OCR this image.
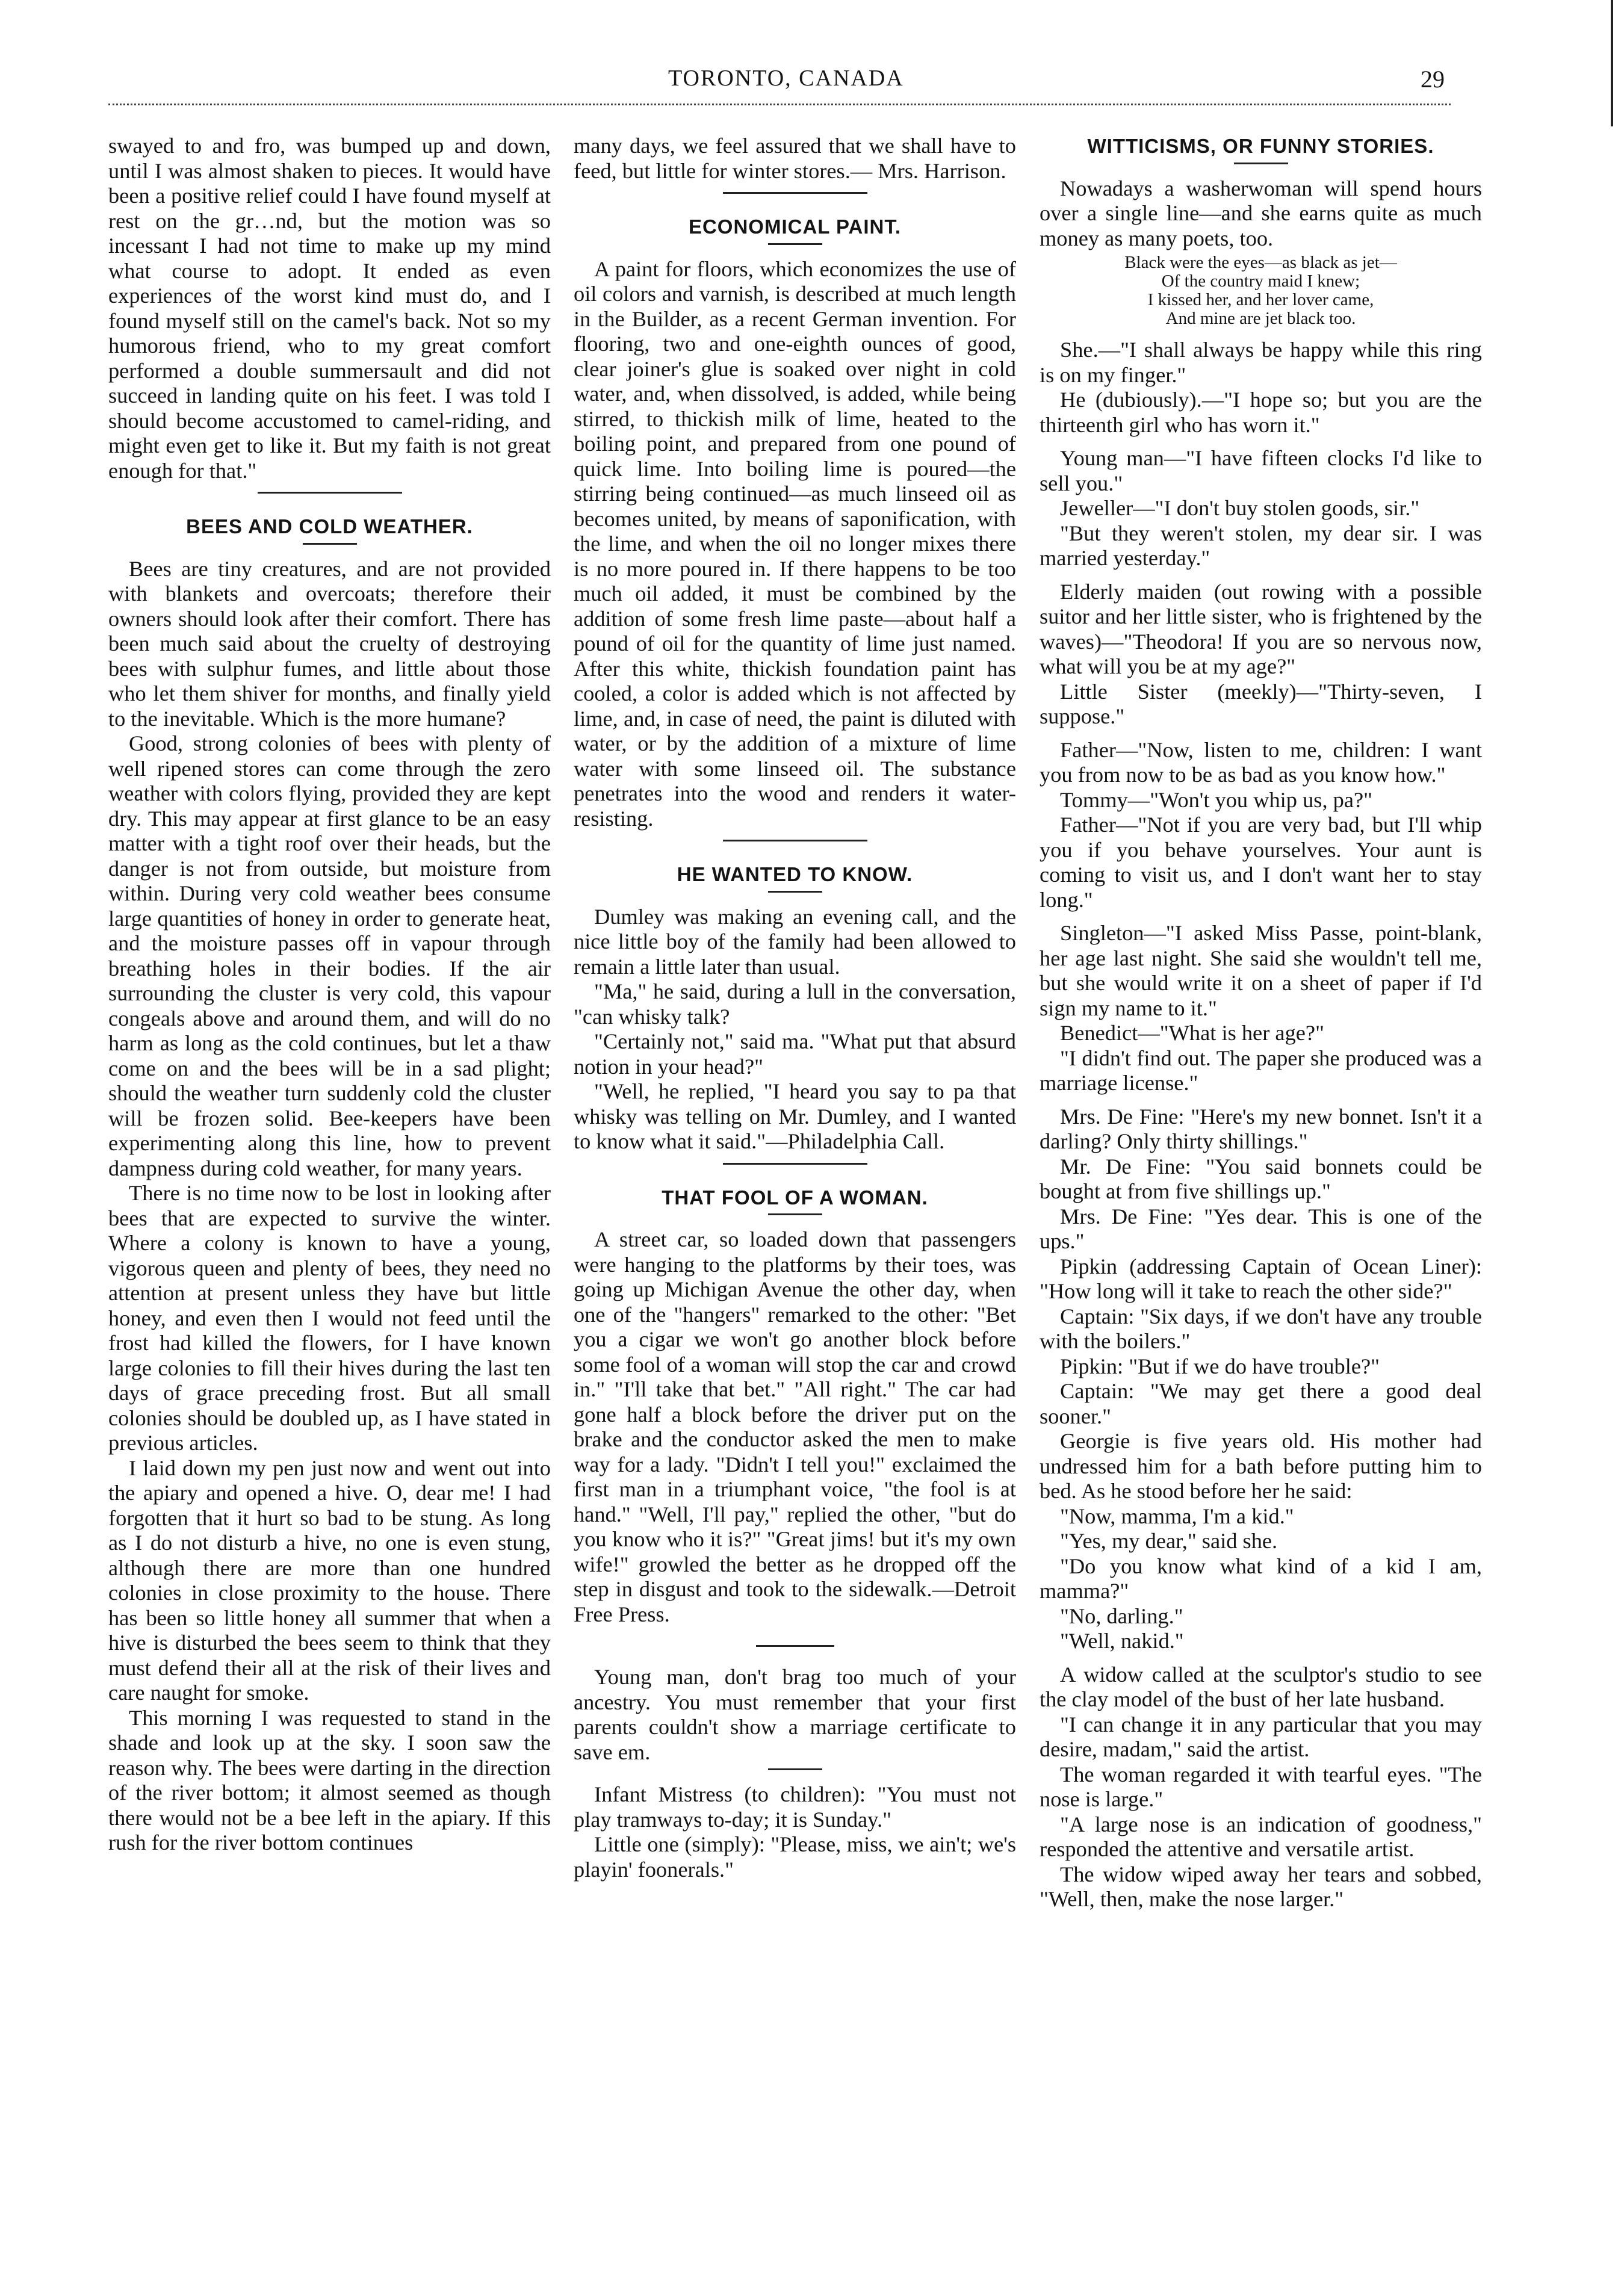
TORONTO, CANADA	29

swayed to and fro, was bumped up and down, until I was almost shaken to pieces. It would have been a positive relief could I have found myself at rest on the gr…nd, but the motion was so incessant I had not time to make up my mind what course to adopt. It ended as even experiences of the worst kind must do, and I found myself still on the camel's back. Not so my humorous friend, who to my great comfort performed a double summersault and did not succeed in landing quite on his feet. I was told I should become accustomed to camel-riding, and might even get to like it. But my faith is not great enough for that."

BEES AND COLD WEATHER.

Bees are tiny creatures, and are not provided with blankets and overcoats; therefore their owners should look after their comfort. There has been much said about the cruelty of destroying bees with sulphur fumes, and little about those who let them shiver for months, and finally yield to the inevitable. Which is the more humane?

Good, strong colonies of bees with plenty of well ripened stores can come through the zero weather with colors flying, provided they are kept dry. This may appear at first glance to be an easy matter with a tight roof over their heads, but the danger is not from outside, but moisture from within. During very cold weather bees consume large quantities of honey in order to generate heat, and the moisture passes off in vapour through breathing holes in their bodies. If the air surrounding the cluster is very cold, this vapour congeals above and around them, and will do no harm as long as the cold continues, but let a thaw come on and the bees will be in a sad plight; should the weather turn suddenly cold the cluster will be frozen solid. Bee-keepers have been experimenting along this line, how to prevent dampness during cold weather, for many years.

There is no time now to be lost in looking after bees that are expected to survive the winter. Where a colony is known to have a young, vigorous queen and plenty of bees, they need no attention at present unless they have but little honey, and even then I would not feed until the frost had killed the flowers, for I have known large colonies to fill their hives during the last ten days of grace preceding frost. But all small colonies should be doubled up, as I have stated in previous articles.

I laid down my pen just now and went out into the apiary and opened a hive. O, dear me! I had forgotten that it hurt so bad to be stung. As long as I do not disturb a hive, no one is even stung, although there are more than one hundred colonies in close proximity to the house. There has been so little honey all summer that when a hive is disturbed the bees seem to think that they must defend their all at the risk of their lives and care naught for smoke.

This morning I was requested to stand in the shade and look up at the sky. I soon saw the reason why. The bees were darting in the direction of the river bottom; it almost seemed as though there would not be a bee left in the apiary. If this rush for the river bottom continues

many days, we feel assured that we shall have to feed, but little for winter stores.— Mrs. Harrison.

ECONOMICAL PAINT.

A paint for floors, which economizes the use of oil colors and varnish, is described at much length in the Builder, as a recent German invention. For flooring, two and one-eighth ounces of good, clear joiner's glue is soaked over night in cold water, and, when dissolved, is added, while being stirred, to thickish milk of lime, heated to the boiling point, and prepared from one pound of quick lime. Into boiling lime is poured—the stirring being continued—as much linseed oil as becomes united, by means of saponification, with the lime, and when the oil no longer mixes there is no more poured in. If there happens to be too much oil added, it must be combined by the addition of some fresh lime paste—about half a pound of oil for the quantity of lime just named. After this white, thickish foundation paint has cooled, a color is added which is not affected by lime, and, in case of need, the paint is diluted with water, or by the addition of a mixture of lime water with some linseed oil. The substance penetrates into the wood and renders it water-resisting.

HE WANTED TO KNOW.

Dumley was making an evening call, and the nice little boy of the family had been allowed to remain a little later than usual.

"Ma," he said, during a lull in the conversation, "can whisky talk?

"Certainly not," said ma. "What put that absurd notion in your head?"

"Well, he replied, "I heard you say to pa that whisky was telling on Mr. Dumley, and I wanted to know what it said."—Philadelphia Call.

THAT FOOL OF A WOMAN.

A street car, so loaded down that passengers were hanging to the platforms by their toes, was going up Michigan Avenue the other day, when one of the "hangers" remarked to the other: "Bet you a cigar we won't go another block before some fool of a woman will stop the car and crowd in." "I'll take that bet." "All right." The car had gone half a block before the driver put on the brake and the conductor asked the men to make way for a lady. "Didn't I tell you!" exclaimed the first man in a triumphant voice, "the fool is at hand." "Well, I'll pay," replied the other, "but do you know who it is?" "Great jims! but it's my own wife!" growled the better as he dropped off the step in disgust and took to the sidewalk.—Detroit Free Press.

Young man, don't brag too much of your ancestry. You must remember that your first parents couldn't show a marriage certificate to save em.

Infant Mistress (to children): "You must not play tramways to-day; it is Sunday."

Little one (simply): "Please, miss, we ain't; we's playin' foonerals."

WITTICISMS, OR FUNNY STORIES.

Nowadays a washerwoman will spend hours over a single line—and she earns quite as much money as many poets, too.

Black were the eyes—as black as jet—
Of the country maid I knew;
I kissed her, and her lover came,
And mine are jet black too.

She.—"I shall always be happy while this ring is on my finger."

He (dubiously).—"I hope so; but you are the thirteenth girl who has worn it."

Young man—"I have fifteen clocks I'd like to sell you."

Jeweller—"I don't buy stolen goods, sir."

"But they weren't stolen, my dear sir. I was married yesterday."

Elderly maiden (out rowing with a possible suitor and her little sister, who is frightened by the waves)—"Theodora! If you are so nervous now, what will you be at my age?"

Little Sister (meekly)—"Thirty-seven, I suppose."

Father—"Now, listen to me, children: I want you from now to be as bad as you know how."

Tommy—"Won't you whip us, pa?"

Father—"Not if you are very bad, but I'll whip you if you behave yourselves. Your aunt is coming to visit us, and I don't want her to stay long."

Singleton—"I asked Miss Passe, point-blank, her age last night. She said she wouldn't tell me, but she would write it on a sheet of paper if I'd sign my name to it."

Benedict—"What is her age?"

"I didn't find out. The paper she produced was a marriage license."

Mrs. De Fine: "Here's my new bonnet. Isn't it a darling? Only thirty shillings."

Mr. De Fine: "You said bonnets could be bought at from five shillings up."

Mrs. De Fine: "Yes dear. This is one of the ups."

Pipkin (addressing Captain of Ocean Liner): "How long will it take to reach the other side?"

Captain: "Six days, if we don't have any trouble with the boilers."

Pipkin: "But if we do have trouble?"

Captain: "We may get there a good deal sooner."

Georgie is five years old. His mother had undressed him for a bath before putting him to bed. As he stood before her he said:

"Now, mamma, I'm a kid."

"Yes, my dear," said she.

"Do you know what kind of a kid I am, mamma?"

"No, darling."

"Well, nakid."

A widow called at the sculptor's studio to see the clay model of the bust of her late husband.

"I can change it in any particular that you may desire, madam," said the artist.

The woman regarded it with tearful eyes. "The nose is large."

"A large nose is an indication of goodness," responded the attentive and versatile artist.

The widow wiped away her tears and sobbed, "Well, then, make the nose larger."
